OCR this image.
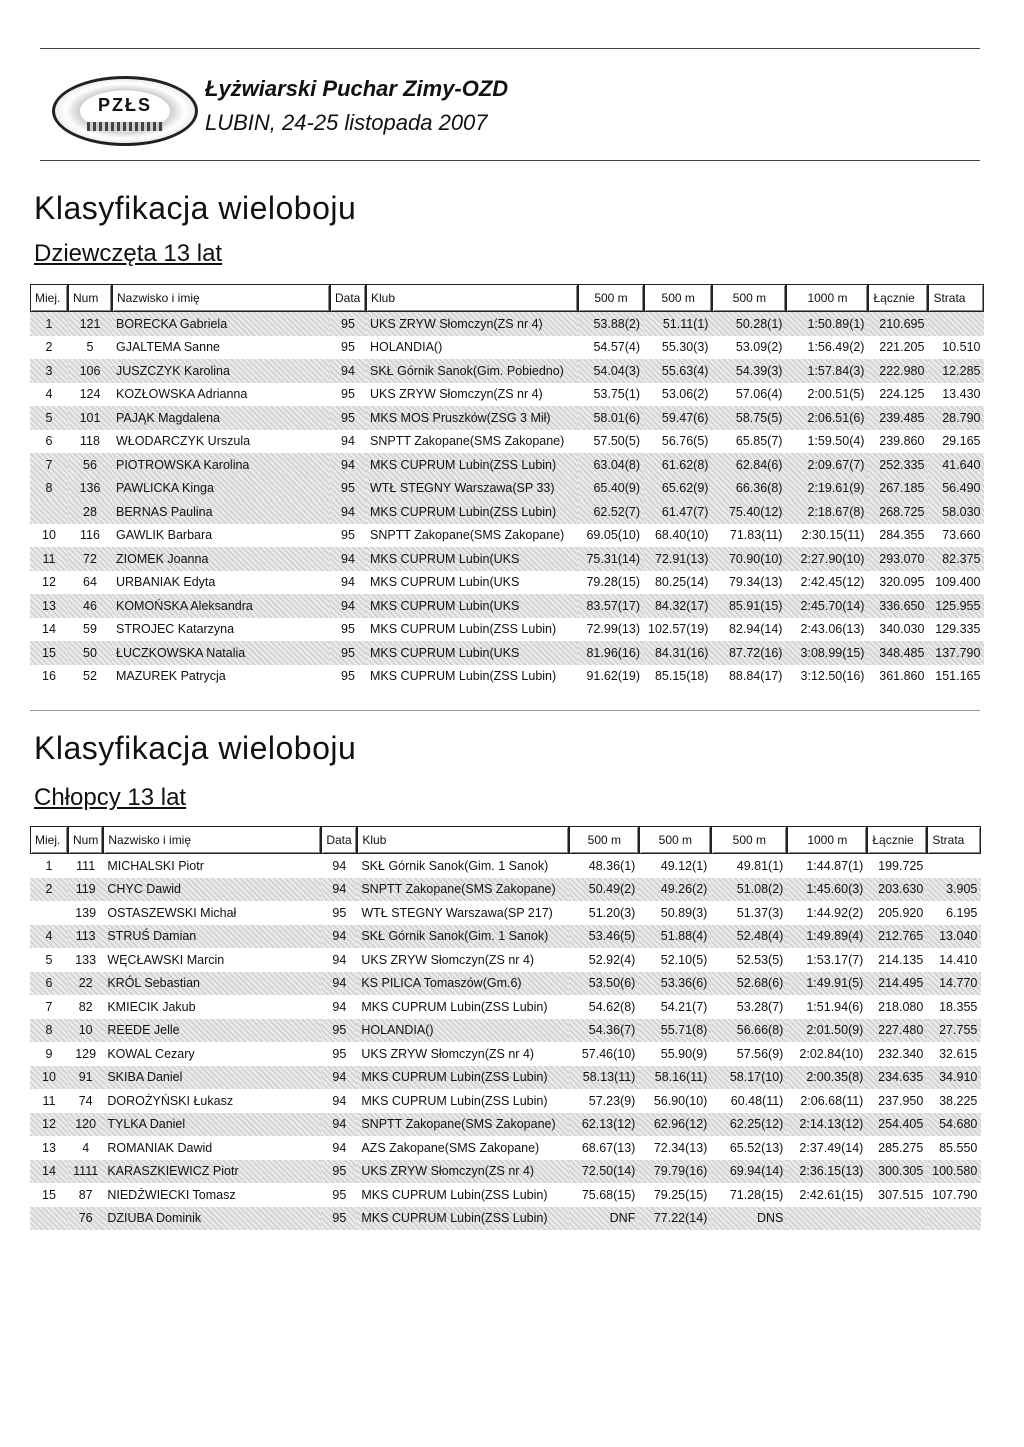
PZŁS
Łyżwiarski Puchar Zimy-OZD
LUBIN, 24-25 listopada 2007
Klasyfikacja wieloboju
Dziewczęta 13 lat
Miej.	Num	Nazwisko i imię	Data	Klub	500 m	500 m	500 m	1000 m	Łącznie	Strata
1	121	BORECKA Gabriela	95	UKS ZRYW Słomczyn(ZS nr 4)	53.88(2)	51.11(1)	50.28(1)	1:50.89(1)	210.695	
2	5	GJALTEMA Sanne	95	HOLANDIA()	54.57(4)	55.30(3)	53.09(2)	1:56.49(2)	221.205	10.510
3	106	JUSZCZYK Karolina	94	SKŁ Górnik Sanok(Gim. Pobiedno)	54.04(3)	55.63(4)	54.39(3)	1:57.84(3)	222.980	12.285
4	124	KOZŁOWSKA Adrianna	95	UKS ZRYW Słomczyn(ZS nr 4)	53.75(1)	53.06(2)	57.06(4)	2:00.51(5)	224.125	13.430
5	101	PAJĄK Magdalena	95	MKS MOS Pruszków(ZSG 3 Mił)	58.01(6)	59.47(6)	58.75(5)	2:06.51(6)	239.485	28.790
6	118	WŁODARCZYK Urszula	94	SNPTT Zakopane(SMS Zakopane)	57.50(5)	56.76(5)	65.85(7)	1:59.50(4)	239.860	29.165
7	56	PIOTROWSKA Karolina	94	MKS CUPRUM Lubin(ZSS Lubin)	63.04(8)	61.62(8)	62.84(6)	2:09.67(7)	252.335	41.640
8	136	PAWLICKA Kinga	95	WTŁ STEGNY Warszawa(SP 33)	65.40(9)	65.62(9)	66.36(8)	2:19.61(9)	267.185	56.490
	28	BERNAS Paulina	94	MKS CUPRUM Lubin(ZSS Lubin)	62.52(7)	61.47(7)	75.40(12)	2:18.67(8)	268.725	58.030
10	116	GAWLIK Barbara	95	SNPTT Zakopane(SMS Zakopane)	69.05(10)	68.40(10)	71.83(11)	2:30.15(11)	284.355	73.660
11	72	ZIOMEK Joanna	94	MKS CUPRUM Lubin(UKS	75.31(14)	72.91(13)	70.90(10)	2:27.90(10)	293.070	82.375
12	64	URBANIAK Edyta	94	MKS CUPRUM Lubin(UKS	79.28(15)	80.25(14)	79.34(13)	2:42.45(12)	320.095	109.400
13	46	KOMOŃSKA Aleksandra	94	MKS CUPRUM Lubin(UKS	83.57(17)	84.32(17)	85.91(15)	2:45.70(14)	336.650	125.955
14	59	STROJEC Katarzyna	95	MKS CUPRUM Lubin(ZSS Lubin)	72.99(13)	102.57(19)	82.94(14)	2:43.06(13)	340.030	129.335
15	50	ŁUCZKOWSKA Natalia	95	MKS CUPRUM Lubin(UKS	81.96(16)	84.31(16)	87.72(16)	3:08.99(15)	348.485	137.790
16	52	MAZUREK Patrycja	95	MKS CUPRUM Lubin(ZSS Lubin)	91.62(19)	85.15(18)	88.84(17)	3:12.50(16)	361.860	151.165
Klasyfikacja wieloboju
Chłopcy 13 lat
Miej.	Num	Nazwisko i imię	Data	Klub	500 m	500 m	500 m	1000 m	Łącznie	Strata
1	111	MICHALSKI Piotr	94	SKŁ Górnik Sanok(Gim. 1 Sanok)	48.36(1)	49.12(1)	49.81(1)	1:44.87(1)	199.725	
2	119	CHYC Dawid	94	SNPTT Zakopane(SMS Zakopane)	50.49(2)	49.26(2)	51.08(2)	1:45.60(3)	203.630	3.905
	139	OSTASZEWSKI Michał	95	WTŁ STEGNY Warszawa(SP 217)	51.20(3)	50.89(3)	51.37(3)	1:44.92(2)	205.920	6.195
4	113	STRUŚ Damian	94	SKŁ Górnik Sanok(Gim. 1 Sanok)	53.46(5)	51.88(4)	52.48(4)	1:49.89(4)	212.765	13.040
5	133	WĘCŁAWSKI Marcin	94	UKS ZRYW Słomczyn(ZS nr 4)	52.92(4)	52.10(5)	52.53(5)	1:53.17(7)	214.135	14.410
6	22	KRÓL Sebastian	94	KS PILICA Tomaszów(Gm.6)	53.50(6)	53.36(6)	52.68(6)	1:49.91(5)	214.495	14.770
7	82	KMIECIK Jakub	94	MKS CUPRUM Lubin(ZSS Lubin)	54.62(8)	54.21(7)	53.28(7)	1:51.94(6)	218.080	18.355
8	10	REEDE Jelle	95	HOLANDIA()	54.36(7)	55.71(8)	56.66(8)	2:01.50(9)	227.480	27.755
9	129	KOWAL Cezary	95	UKS ZRYW Słomczyn(ZS nr 4)	57.46(10)	55.90(9)	57.56(9)	2:02.84(10)	232.340	32.615
10	91	SKIBA Daniel	94	MKS CUPRUM Lubin(ZSS Lubin)	58.13(11)	58.16(11)	58.17(10)	2:00.35(8)	234.635	34.910
11	74	DOROŻYŃSKI Łukasz	94	MKS CUPRUM Lubin(ZSS Lubin)	57.23(9)	56.90(10)	60.48(11)	2:06.68(11)	237.950	38.225
12	120	TYLKA Daniel	94	SNPTT Zakopane(SMS Zakopane)	62.13(12)	62.96(12)	62.25(12)	2:14.13(12)	254.405	54.680
13	4	ROMANIAK Dawid	94	AZS Zakopane(SMS Zakopane)	68.67(13)	72.34(13)	65.52(13)	2:37.49(14)	285.275	85.550
14	1111	KARASZKIEWICZ Piotr	95	UKS ZRYW Słomczyn(ZS nr 4)	72.50(14)	79.79(16)	69.94(14)	2:36.15(13)	300.305	100.580
15	87	NIEDŹWIECKI Tomasz	95	MKS CUPRUM Lubin(ZSS Lubin)	75.68(15)	79.25(15)	71.28(15)	2:42.61(15)	307.515	107.790
	76	DZIUBA Dominik	95	MKS CUPRUM Lubin(ZSS Lubin)	DNF	77.22(14)	DNS			
